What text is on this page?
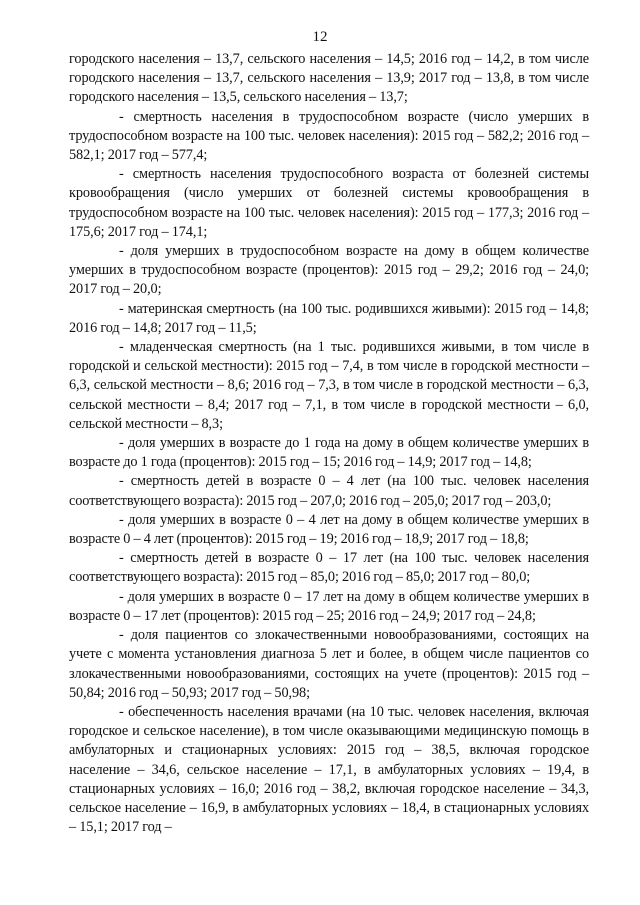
12

городского населения – 13,7, сельского населения – 14,5; 2016 год – 14,2, в том числе городского населения – 13,7, сельского населения – 13,9; 2017 год – 13,8, в том числе городского населения – 13,5, сельского населения – 13,7;

- смертность населения в трудоспособном возрасте (число умерших в трудоспособном возрасте на 100 тыс. человек населения): 2015 год – 582,2; 2016 год – 582,1; 2017 год – 577,4;

- смертность населения трудоспособного возраста от болезней системы кровообращения (число умерших от болезней системы кровообращения в трудоспособном возрасте на 100 тыс. человек населения): 2015 год – 177,3; 2016 год – 175,6; 2017 год – 174,1;

- доля умерших в трудоспособном возрасте на дому в общем количестве умерших в трудоспособном возрасте (процентов): 2015 год – 29,2; 2016 год – 24,0; 2017 год – 20,0;

- материнская смертность (на 100 тыс. родившихся живыми): 2015 год – 14,8; 2016 год – 14,8; 2017 год – 11,5;

- младенческая смертность (на 1 тыс. родившихся живыми, в том числе в городской и сельской местности): 2015 год – 7,4, в том числе в городской местности – 6,3, сельской местности – 8,6; 2016 год – 7,3, в том числе в городской местности – 6,3, сельской местности – 8,4; 2017 год – 7,1, в том числе в городской местности – 6,0, сельской местности – 8,3;

- доля умерших в возрасте до 1 года на дому в общем количестве умерших в возрасте до 1 года (процентов): 2015 год – 15; 2016 год – 14,9; 2017 год – 14,8;

- смертность детей в возрасте 0 – 4 лет (на 100 тыс. человек населения соответствующего возраста): 2015 год – 207,0; 2016 год – 205,0; 2017 год – 203,0;

- доля умерших в возрасте 0 – 4 лет на дому в общем количестве умерших в возрасте 0 – 4 лет (процентов): 2015 год – 19; 2016 год – 18,9; 2017 год – 18,8;

- смертность детей в возрасте 0 – 17 лет (на 100 тыс. человек населения соответствующего возраста): 2015 год – 85,0; 2016 год – 85,0; 2017 год – 80,0;

- доля умерших в возрасте 0 – 17 лет на дому в общем количестве умерших в возрасте 0 – 17 лет (процентов): 2015 год – 25; 2016 год – 24,9; 2017 год – 24,8;

- доля пациентов со злокачественными новообразованиями, состоящих на учете с момента установления диагноза 5 лет и более, в общем числе пациентов со злокачественными новообразованиями, состоящих на учете (процентов): 2015 год – 50,84; 2016 год – 50,93; 2017 год – 50,98;

- обеспеченность населения врачами (на 10 тыс. человек населения, включая городское и сельское население), в том числе оказывающими медицинскую помощь в амбулаторных и стационарных условиях: 2015 год – 38,5, включая городское население – 34,6, сельское население – 17,1, в амбулаторных условиях – 19,4, в стационарных условиях – 16,0; 2016 год – 38,2, включая городское население – 34,3, сельское население – 16,9, в амбулаторных условиях – 18,4, в стационарных условиях – 15,1; 2017 год –
